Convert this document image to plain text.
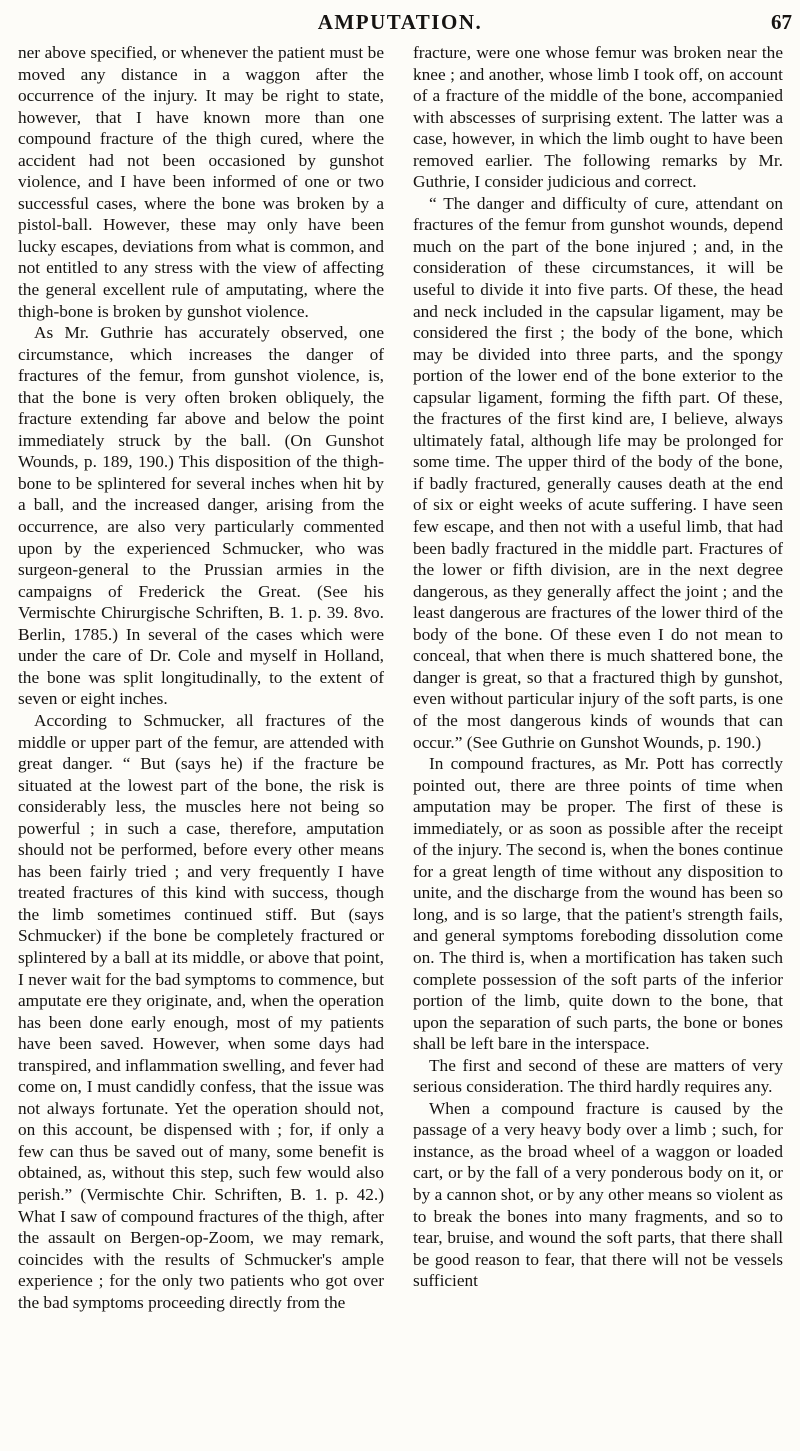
AMPUTATION.	67

ner above specified, or whenever the patient must be moved any distance in a waggon after the occurrence of the injury. It may be right to state, however, that I have known more than one compound fracture of the thigh cured, where the accident had not been occasioned by gunshot violence, and I have been informed of one or two successful cases, where the bone was broken by a pistol-ball. However, these may only have been lucky escapes, deviations from what is common, and not entitled to any stress with the view of affecting the general excellent rule of amputating, where the thigh-bone is broken by gunshot violence.

As Mr. Guthrie has accurately observed, one circumstance, which increases the danger of fractures of the femur, from gunshot violence, is, that the bone is very often broken obliquely, the fracture extending far above and below the point immediately struck by the ball. (On Gunshot Wounds, p. 189, 190.) This disposition of the thigh-bone to be splintered for several inches when hit by a ball, and the increased danger, arising from the occurrence, are also very particularly commented upon by the experienced Schmucker, who was surgeon-general to the Prussian armies in the campaigns of Frederick the Great. (See his Vermischte Chirurgische Schriften, B. 1. p. 39. 8vo. Berlin, 1785.) In several of the cases which were under the care of Dr. Cole and myself in Holland, the bone was split longitudinally, to the extent of seven or eight inches.

According to Schmucker, all fractures of the middle or upper part of the femur, are attended with great danger. “ But (says he) if the fracture be situated at the lowest part of the bone, the risk is considerably less, the muscles here not being so powerful ; in such a case, therefore, amputation should not be performed, before every other means has been fairly tried ; and very frequently I have treated fractures of this kind with success, though the limb sometimes continued stiff. But (says Schmucker) if the bone be completely fractured or splintered by a ball at its middle, or above that point, I never wait for the bad symptoms to commence, but amputate ere they originate, and, when the operation has been done early enough, most of my patients have been saved. However, when some days had transpired, and inflammation swelling, and fever had come on, I must candidly confess, that the issue was not always fortunate. Yet the operation should not, on this account, be dispensed with ; for, if only a few can thus be saved out of many, some benefit is obtained, as, without this step, such few would also perish.” (Vermischte Chir. Schriften, B. 1. p. 42.) What I saw of compound fractures of the thigh, after the assault on Bergen-op-Zoom, we may remark, coincides with the results of Schmucker's ample experience ; for the only two patients who got over the bad symptoms proceeding directly from the

fracture, were one whose femur was broken near the knee ; and another, whose limb I took off, on account of a fracture of the middle of the bone, accompanied with abscesses of surprising extent. The latter was a case, however, in which the limb ought to have been removed earlier. The following remarks by Mr. Guthrie, I consider judicious and correct.

“ The danger and difficulty of cure, attendant on fractures of the femur from gunshot wounds, depend much on the part of the bone injured ; and, in the consideration of these circumstances, it will be useful to divide it into five parts. Of these, the head and neck included in the capsular ligament, may be considered the first ; the body of the bone, which may be divided into three parts, and the spongy portion of the lower end of the bone exterior to the capsular ligament, forming the fifth part. Of these, the fractures of the first kind are, I believe, always ultimately fatal, although life may be prolonged for some time. The upper third of the body of the bone, if badly fractured, generally causes death at the end of six or eight weeks of acute suffering. I have seen few escape, and then not with a useful limb, that had been badly fractured in the middle part. Fractures of the lower or fifth division, are in the next degree dangerous, as they generally affect the joint ; and the least dangerous are fractures of the lower third of the body of the bone. Of these even I do not mean to conceal, that when there is much shattered bone, the danger is great, so that a fractured thigh by gunshot, even without particular injury of the soft parts, is one of the most dangerous kinds of wounds that can occur.” (See Guthrie on Gunshot Wounds, p. 190.)

In compound fractures, as Mr. Pott has correctly pointed out, there are three points of time when amputation may be proper. The first of these is immediately, or as soon as possible after the receipt of the injury. The second is, when the bones continue for a great length of time without any disposition to unite, and the discharge from the wound has been so long, and is so large, that the patient's strength fails, and general symptoms foreboding dissolution come on. The third is, when a mortification has taken such complete possession of the soft parts of the inferior portion of the limb, quite down to the bone, that upon the separation of such parts, the bone or bones shall be left bare in the interspace.

The first and second of these are matters of very serious consideration. The third hardly requires any.

When a compound fracture is caused by the passage of a very heavy body over a limb ; such, for instance, as the broad wheel of a waggon or loaded cart, or by the fall of a very ponderous body on it, or by a cannon shot, or by any other means so violent as to break the bones into many fragments, and so to tear, bruise, and wound the soft parts, that there shall be good reason to fear, that there will not be vessels sufficient
